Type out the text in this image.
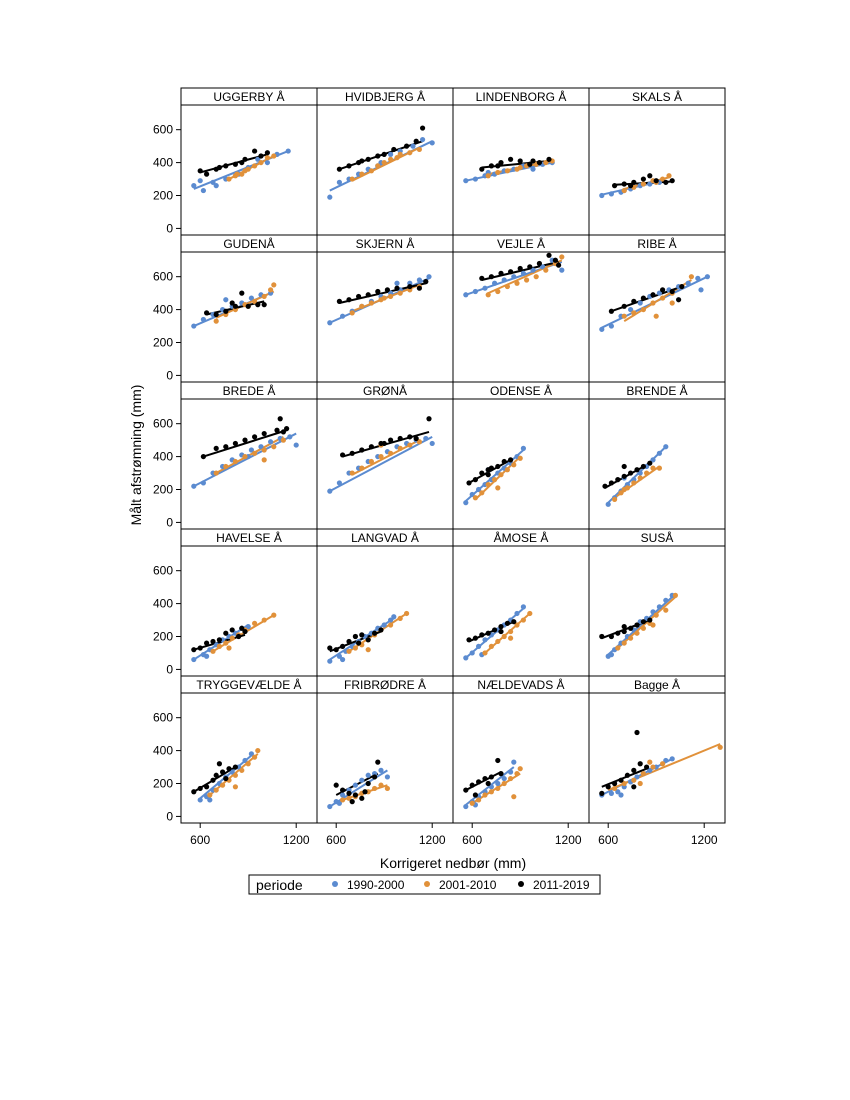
UGGERBY Å	HVIDBJERG Å	LINDENBORG Å	SKALS Å
GUDENÅ	SKJERN Å	VEJLE Å	RIBE Å
BREDE Å	GRØNÅ	ODENSE Å	BRENDE Å
HAVELSE Å	LANGVAD Å	ÅMOSE Å	SUSÅ
TRYGGEVÆLDE Å	FRIBRØDRE Å	NÆLDEVADS Å	Bagge Å
0
200
400
600
0
200
400
600
0
200
400
600
0
200
400
600
0
200
400
600
600	1200 600	1200 600	1200 600	1200
Målt afstrømning (mm)
Korrigeret nedbør (mm)
periode	1990-2000	2001-2010	2011-2019
